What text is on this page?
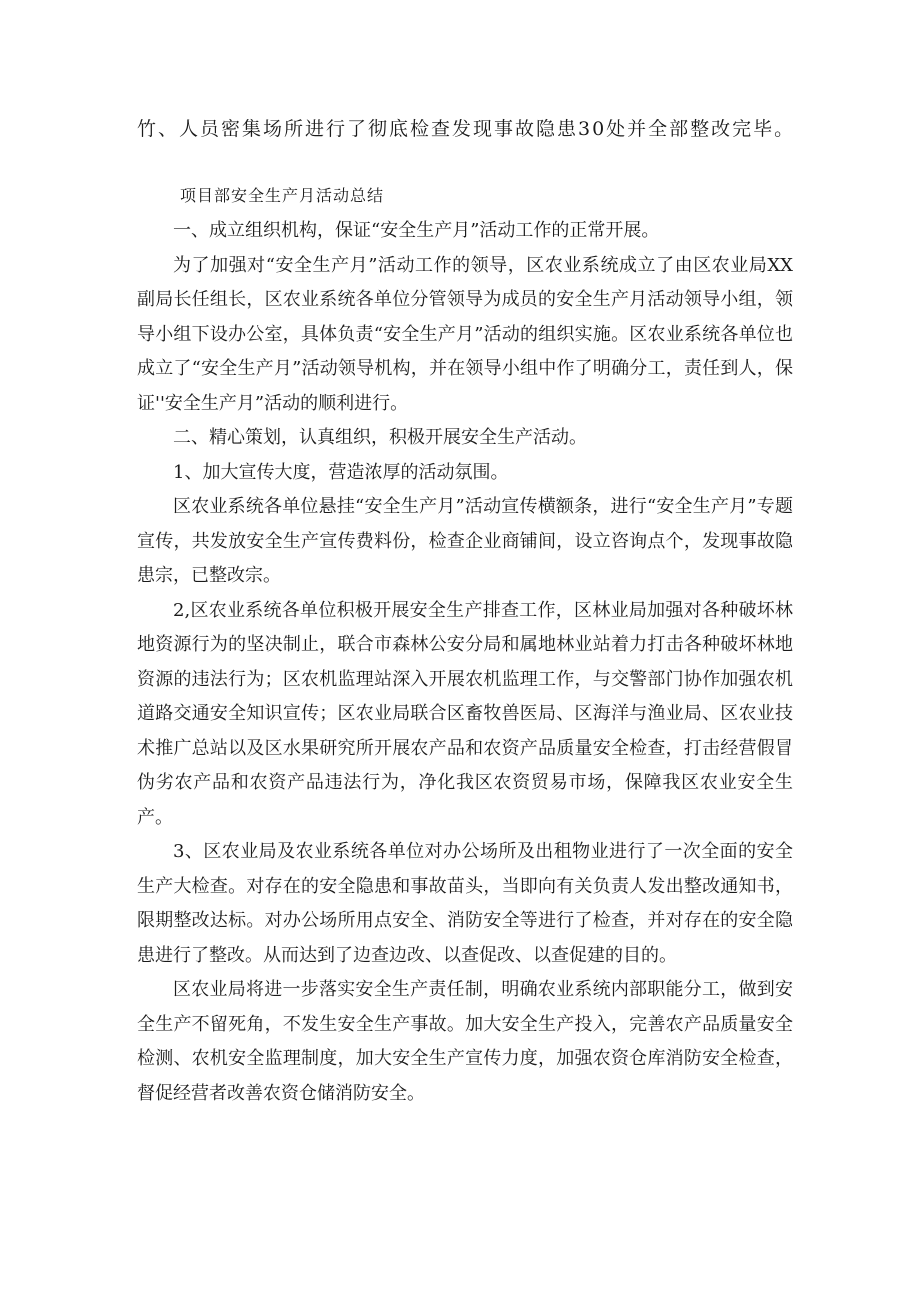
竹、人员密集场所进行了彻底检查发现事故隐患30处并全部整改完毕。
项目部安全生产月活动总结

一、成立组织机构，保证“安全生产月”活动工作的正常开展。

为了加强对“安全生产月”活动工作的领导，区农业系统成立了由区农业局XX副局长任组长，区农业系统各单位分管领导为成员的安全生产月活动领导小组，领导小组下设办公室，具体负责“安全生产月”活动的组织实施。区农业系统各单位也成立了“安全生产月”活动领导机构，并在领导小组中作了明确分工，责任到人，保证''安全生产月”活动的顺利进行。

二、精心策划，认真组织，积极开展安全生产活动。

1、加大宣传大度，营造浓厚的活动氛围。

区农业系统各单位悬挂“安全生产月”活动宣传横额条，进行“安全生产月”专题宣传，共发放安全生产宣传费料份，检查企业商铺间，设立咨询点个，发现事故隐患宗，已整改宗。

2,区农业系统各单位积极开展安全生产排查工作，区林业局加强对各种破坏林地资源行为的坚决制止，联合市森林公安分局和属地林业站着力打击各种破坏林地资源的违法行为；区农机监理站深入开展农机监理工作，与交警部门协作加强农机道路交通安全知识宣传；区农业局联合区畜牧兽医局、区海洋与渔业局、区农业技术推广总站以及区水果研究所开展农产品和农资产品质量安全检查，打击经营假冒伪劣农产品和农资产品违法行为，净化我区农资贸易市场，保障我区农业安全生产。

3、区农业局及农业系统各单位对办公场所及出租物业进行了一次全面的安全生产大检查。对存在的安全隐患和事故苗头，当即向有关负责人发出整改通知书，限期整改达标。对办公场所用点安全、消防安全等进行了检查，并对存在的安全隐患进行了整改。从而达到了边查边改、以查促改、以查促建的目的。

区农业局将进一步落实安全生产责任制，明确农业系统内部职能分工，做到安全生产不留死角，不发生安全生产事故。加大安全生产投入，完善农产品质量安全检测、农机安全监理制度，加大安全生产宣传力度，加强农资仓库消防安全检查，督促经营者改善农资仓储消防安全。
